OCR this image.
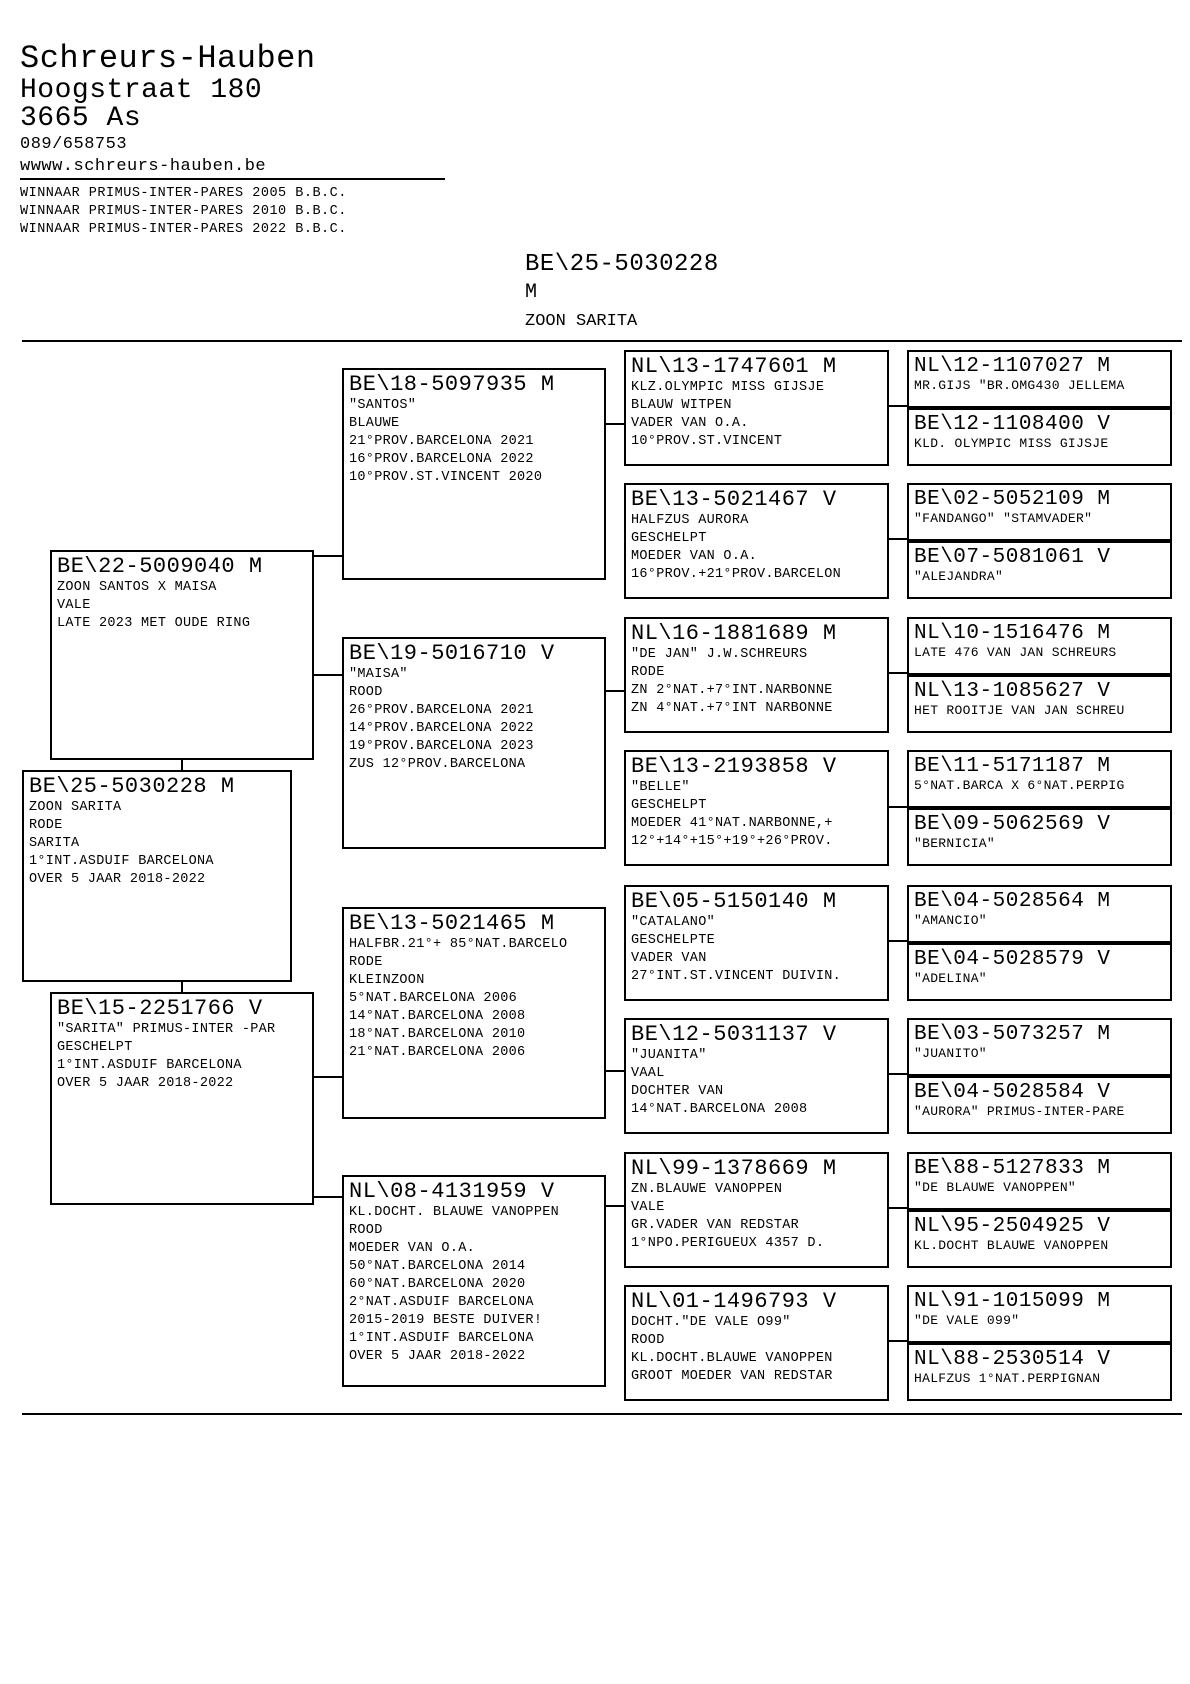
Schreurs-Hauben
Hoogstraat 180
3665 As
089/658753
wwww.schreurs-hauben.be
WINNAAR PRIMUS-INTER-PARES 2005 B.B.C.
WINNAAR PRIMUS-INTER-PARES 2010 B.B.C.
WINNAAR PRIMUS-INTER-PARES 2022 B.B.C.
BE\25-5030228
M
ZOON SARITA
BE\22-5009040 M
ZOON SANTOS X MAISA
VALE
LATE 2023 MET OUDE RING
BE\25-5030228 M
ZOON SARITA
RODE
SARITA
1°INT.ASDUIF BARCELONA
OVER 5 JAAR 2018-2022
BE\15-2251766 V
"SARITA" PRIMUS-INTER -PAR
GESCHELPT
1°INT.ASDUIF BARCELONA
OVER 5 JAAR 2018-2022
BE\18-5097935 M
"SANTOS"
BLAUWE
21°PROV.BARCELONA 2021
16°PROV.BARCELONA 2022
10°PROV.ST.VINCENT 2020
BE\19-5016710 V
"MAISA"
ROOD
26°PROV.BARCELONA 2021
14°PROV.BARCELONA 2022
19°PROV.BARCELONA 2023
ZUS 12°PROV.BARCELONA
BE\13-5021465 M
HALFBR.21°+ 85°NAT.BARCELO
RODE
KLEINZOON
5°NAT.BARCELONA 2006
14°NAT.BARCELONA 2008
18°NAT.BARCELONA 2010
21°NAT.BARCELONA 2006
NL\08-4131959 V
KL.DOCHT. BLAUWE VANOPPEN
ROOD
MOEDER VAN O.A.
50°NAT.BARCELONA 2014
60°NAT.BARCELONA 2020
2°NAT.ASDUIF BARCELONA
2015-2019 BESTE DUIVER!
1°INT.ASDUIF BARCELONA
OVER 5 JAAR 2018-2022
NL\13-1747601 M
KLZ.OLYMPIC MISS GIJSJE
BLAUW WITPEN
VADER VAN O.A.
10°PROV.ST.VINCENT
BE\13-5021467 V
HALFZUS AURORA
GESCHELPT
MOEDER VAN O.A.
16°PROV.+21°PROV.BARCELON
NL\16-1881689 M
"DE JAN" J.W.SCHREURS
RODE
ZN 2°NAT.+7°INT.NARBONNE
ZN 4°NAT.+7°INT NARBONNE
BE\13-2193858 V
"BELLE"
GESCHELPT
MOEDER 41°NAT.NARBONNE,+
12°+14°+15°+19°+26°PROV.
BE\05-5150140 M
"CATALANO"
GESCHELPTE
VADER VAN
27°INT.ST.VINCENT DUIVIN.
BE\12-5031137 V
"JUANITA"
VAAL
DOCHTER VAN
14°NAT.BARCELONA 2008
NL\99-1378669 M
ZN.BLAUWE VANOPPEN
VALE
GR.VADER VAN REDSTAR
1°NPO.PERIGUEUX 4357 D.
NL\01-1496793 V
DOCHT."DE VALE O99"
ROOD
KL.DOCHT.BLAUWE VANOPPEN
GROOT MOEDER VAN REDSTAR
NL\12-1107027 M
MR.GIJS "BR.OMG430 JELLEMA
BE\12-1108400 V
KLD. OLYMPIC MISS GIJSJE
BE\02-5052109 M
"FANDANGO" "STAMVADER"
BE\07-5081061 V
"ALEJANDRA"
NL\10-1516476 M
LATE 476 VAN JAN SCHREURS
NL\13-1085627 V
HET ROOITJE VAN JAN SCHREU
BE\11-5171187 M
5°NAT.BARCA X 6°NAT.PERPIG
BE\09-5062569 V
"BERNICIA"
BE\04-5028564 M
"AMANCIO"
BE\04-5028579 V
"ADELINA"
BE\03-5073257 M
"JUANITO"
BE\04-5028584 V
"AURORA" PRIMUS-INTER-PARE
BE\88-5127833 M
"DE BLAUWE VANOPPEN"
NL\95-2504925 V
KL.DOCHT BLAUWE VANOPPEN
NL\91-1015099 M
"DE VALE 099"
NL\88-2530514 V
HALFZUS 1°NAT.PERPIGNAN
